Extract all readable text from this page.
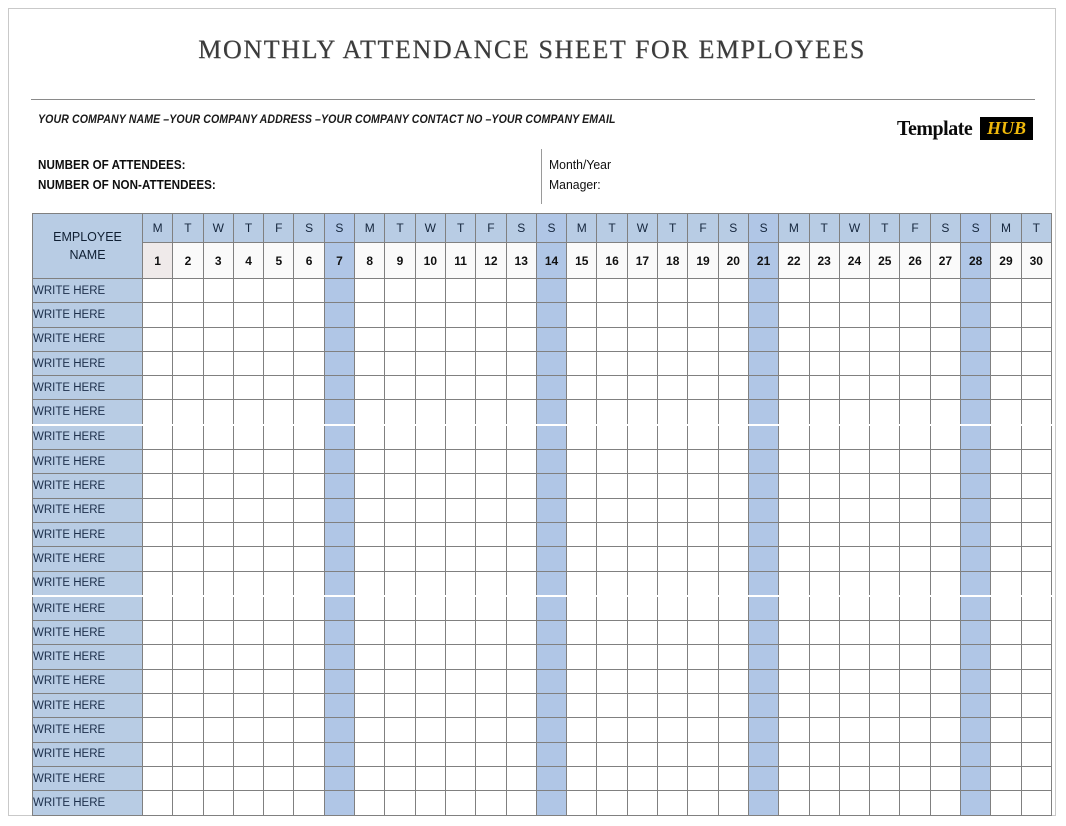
MONTHLY ATTENDANCE SHEET FOR EMPLOYEES
YOUR COMPANY NAME –YOUR COMPANY ADDRESS –YOUR COMPANY CONTACT NO –YOUR COMPANY EMAIL	Template HUB
NUMBER OF ATTENDEES:
NUMBER OF NON-ATTENDEES:
Month/Year
Manager:
EMPLOYEE
NAME	M	T	W	T	F	S	S	M	T	W	T	F	S	S	M	T	W	T	F	S	S	M	T	W	T	F	S	S	M	T
	1	2	3	4	5	6	7	8	9	10	11	12	13	14	15	16	17	18	19	20	21	22	23	24	25	26	27	28	29	30
WRITE HERE																														
WRITE HERE																														
WRITE HERE																														
WRITE HERE																														
WRITE HERE																														
WRITE HERE																														
WRITE HERE																														
WRITE HERE																														
WRITE HERE																														
WRITE HERE																														
WRITE HERE																														
WRITE HERE																														
WRITE HERE																														
WRITE HERE																														
WRITE HERE																														
WRITE HERE																														
WRITE HERE																														
WRITE HERE																														
WRITE HERE																														
WRITE HERE																														
WRITE HERE																														
WRITE HERE																														
